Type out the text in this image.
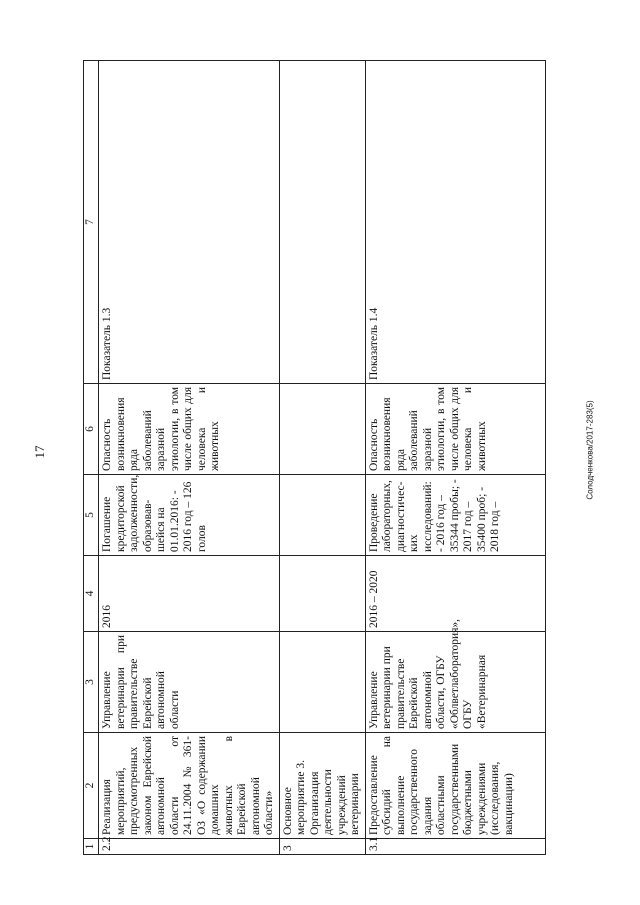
17
1	2	3	4	5	6	7
2.2	Реализация мероприятий, предусмотренных законом Еврейской автономной области от 24.11.2004 № 361-ОЗ «О содержании домашних животных в Еврейской автономной области»	Управление ветеринарии при правительстве Еврейской автономной области	2016	Погашение кредиторской задолженности, образовав-шейся на 01.01.2016: - 2016 год – 126 голов	Опасность возникновения ряда заболеваний заразной этиологии, в том числе общих для человека и животных	Показатель 1.3
3	Основное мероприятие 3. Организация деятельности учреждений ветеринарии					
3.1	Предоставление субсидий на выполнение государственного задания областными государственными бюджетными учреждениями (исследования, вакцинации)	Управление ветеринарии при правительстве Еврейской автономной области, ОГБУ «Облветлаборатория», ОГБУ «Ветеринарная	2016 – 2020	Проведение лабораторных, диагностичес-ких исследований: - 2016 год – 35344 пробы; - 2017 год – 35400 проб; - 2018 год –	Опасность возникновения ряда заболеваний заразной этиологии, в том числе общих для человека и животных	Показатель 1.4
Солодченкова/2017-283(5)
